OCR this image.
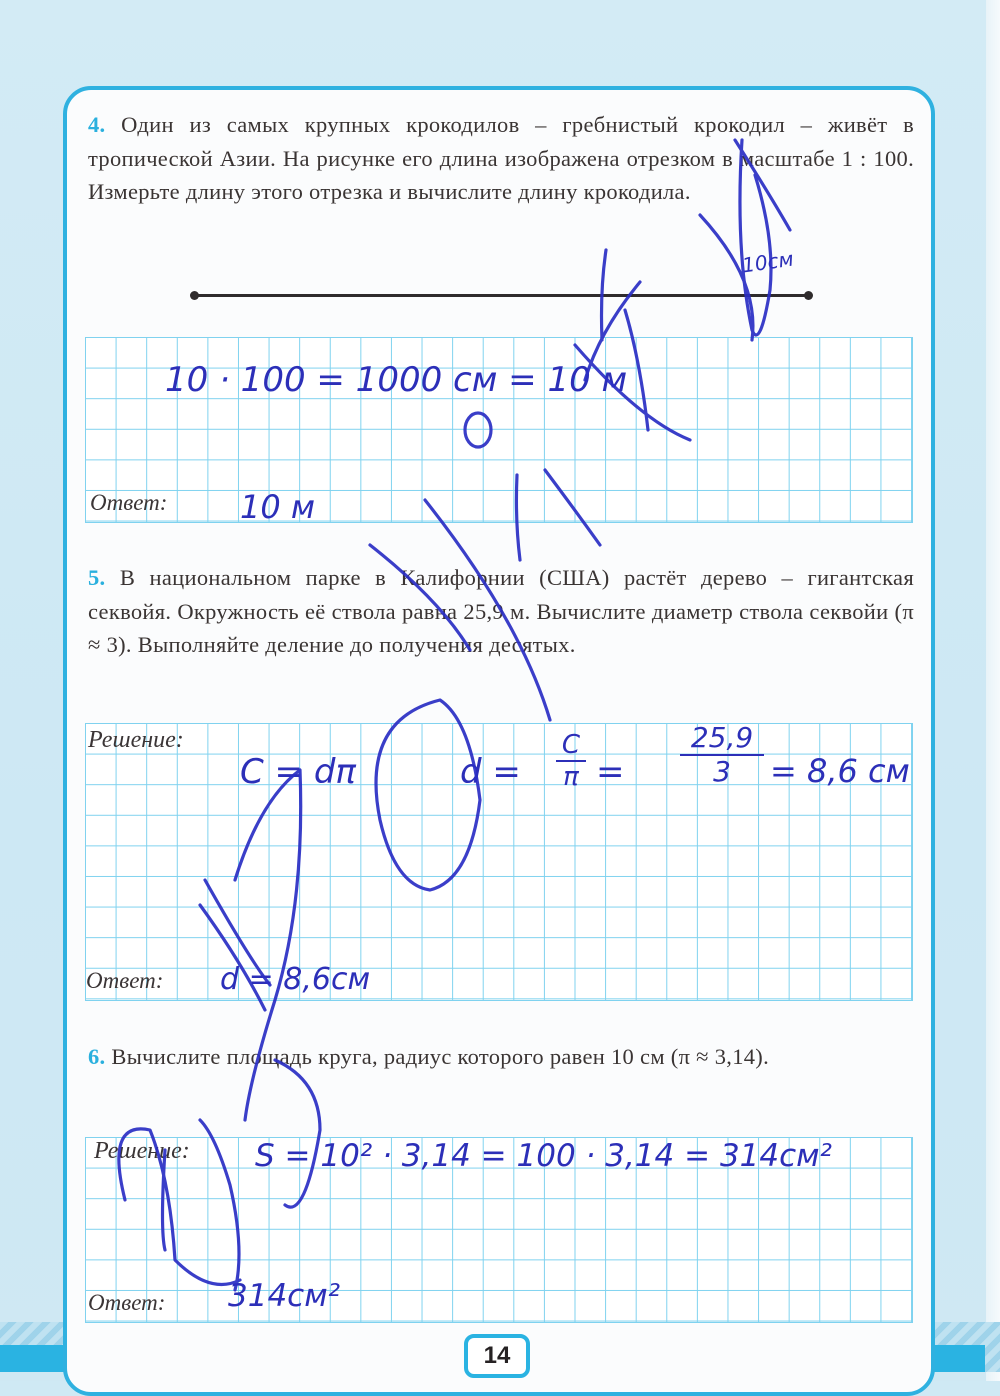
4. Один из самых крупных крокодилов – гребнистый крокодил – живёт в тропической Азии. На рисунке его длина изображена отрезком в масштабе 1 : 100. Измерьте длину этого отрезка и вычислите длину крокодила.
10см
10 · 100 = 1000 см = 10 м
Ответ: 10 м
5. В национальном парке в Калифорнии (США) растёт дерево – гигантская секвойя. Окружность её ствола равна 25,9 м. Вычислите диаметр ствола секвойи (π ≈ 3). Выполняйте деление до получения десятых.
Решение:
C = dπ	$d = \frac{C}{\pi} = \frac{25,9}{3} = 8,6$ см
Ответ: d = 8,6см
6. Вычислите площадь круга, радиус которого равен 10 см (π ≈ 3,14).
Решение: S = 10² · 3,14 = 100 · 3,14 = 314см²
Ответ: 314см²
14
